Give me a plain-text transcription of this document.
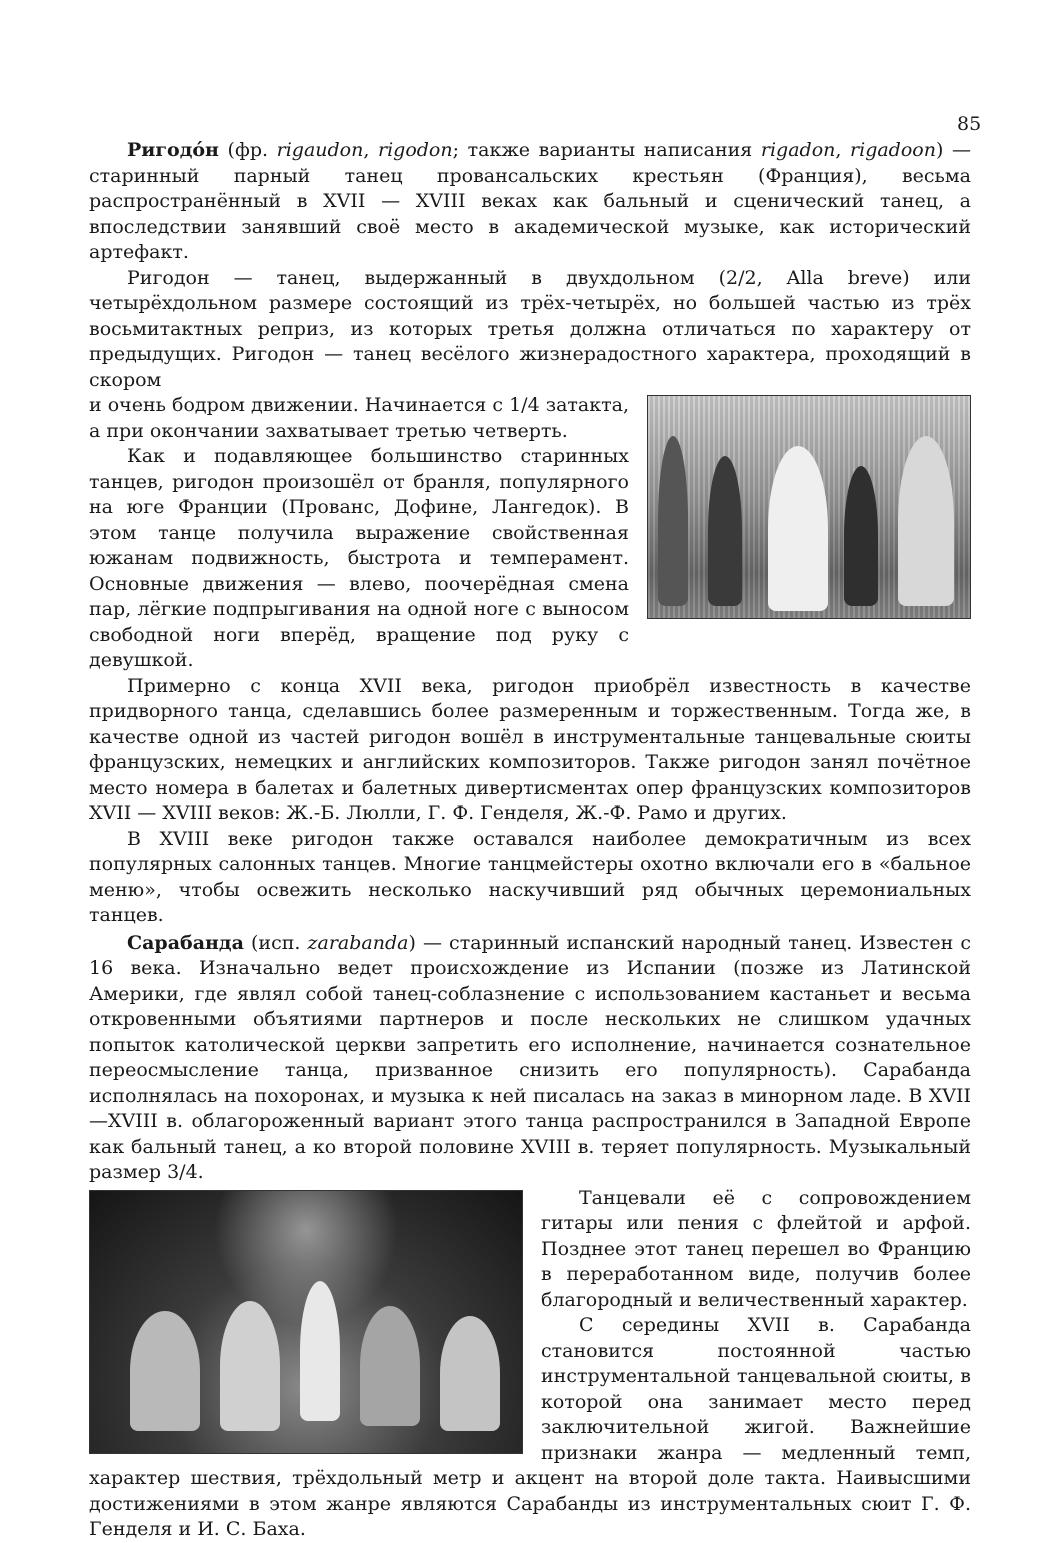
85

Ригодо́н (фр. rigaudon, rigodon; также варианты написания rigadon, rigadoon) — старинный парный танец провансальских крестьян (Франция), весьма распространённый в XVII — XVIII веках как бальный и сценический танец, а впоследствии занявший своё место в академической музыке, как исторический артефакт.

Ригодон — танец, выдержанный в двухдольном (2/2, Alla breve) или четырёхдольном размере состоящий из трёх-четырёх, но большей частью из трёх восьмитактных реприз, из которых третья должна отличаться по характеру от предыдущих. Ригодон — танец весёлого жизнерадостного характера, проходящий в скором

и очень бодром движении. Начинается с 1/4 затакта, а при окончании захватывает третью четверть.

Как и подавляющее большинство старинных танцев, ригодон произошёл от бранля, популярного на юге Франции (Прованс, Дофине, Лангедок). В этом танце получила выражение свойственная южанам подвижность, быстрота и темперамент. Основные движения — влево, поочерёдная смена пар, лёгкие подпрыгивания на одной ноге с выносом свободной ноги вперёд, вращение под руку с девушкой.

Примерно с конца XVII века, ригодон приобрёл известность в качестве придворного танца, сделавшись более размеренным и торжественным. Тогда же, в качестве одной из частей ригодон вошёл в инструментальные танцевальные сюиты французских, немецких и английских композиторов. Также ригодон занял почётное место номера в балетах и балетных дивертисментах опер французских композиторов XVII — XVIII веков: Ж.-Б. Люлли, Г. Ф. Генделя, Ж.-Ф. Рамо и других.

В XVIII веке ригодон также оставался наиболее демократичным из всех популярных салонных танцев. Многие танцмейстеры охотно включали его в «бальное меню», чтобы освежить несколько наскучивший ряд обычных церемониальных танцев.

Сарабанда (исп. zarabanda) — старинный испанский народный танец. Известен с 16 века. Изначально ведет происхождение из Испании (позже из Латинской Америки, где являл собой танец-соблазнение с использованием кастаньет и весьма откровенными объятиями партнеров и после нескольких не слишком удачных попыток католической церкви запретить его исполнение, начинается сознательное переосмысление танца, призванное снизить его популярность). Сарабанда исполнялась на похоронах, и музыка к ней писалась на заказ в минорном ладе. В XVII—XVIII в. облагороженный вариант этого танца распространился в Западной Европе как бальный танец, а ко второй половине XVIII в. теряет популярность. Музыкальный размер 3/4.

Танцевали её с сопровождением гитары или пения с флейтой и арфой. Позднее этот танец перешел во Францию в переработанном виде, получив более благородный и величественный характер.

С середины XVII в. Сарабанда становится постоянной частью инструментальной танцевальной сюиты, в которой она занимает место перед заключительной жигой. Важнейшие признаки жанра — медленный темп, характер шествия, трёхдольный метр и акцент на второй доле такта. Наивысшими достижениями в этом жанре являются Сарабанды из инструментальных сюит Г. Ф. Генделя и И. С. Баха.
